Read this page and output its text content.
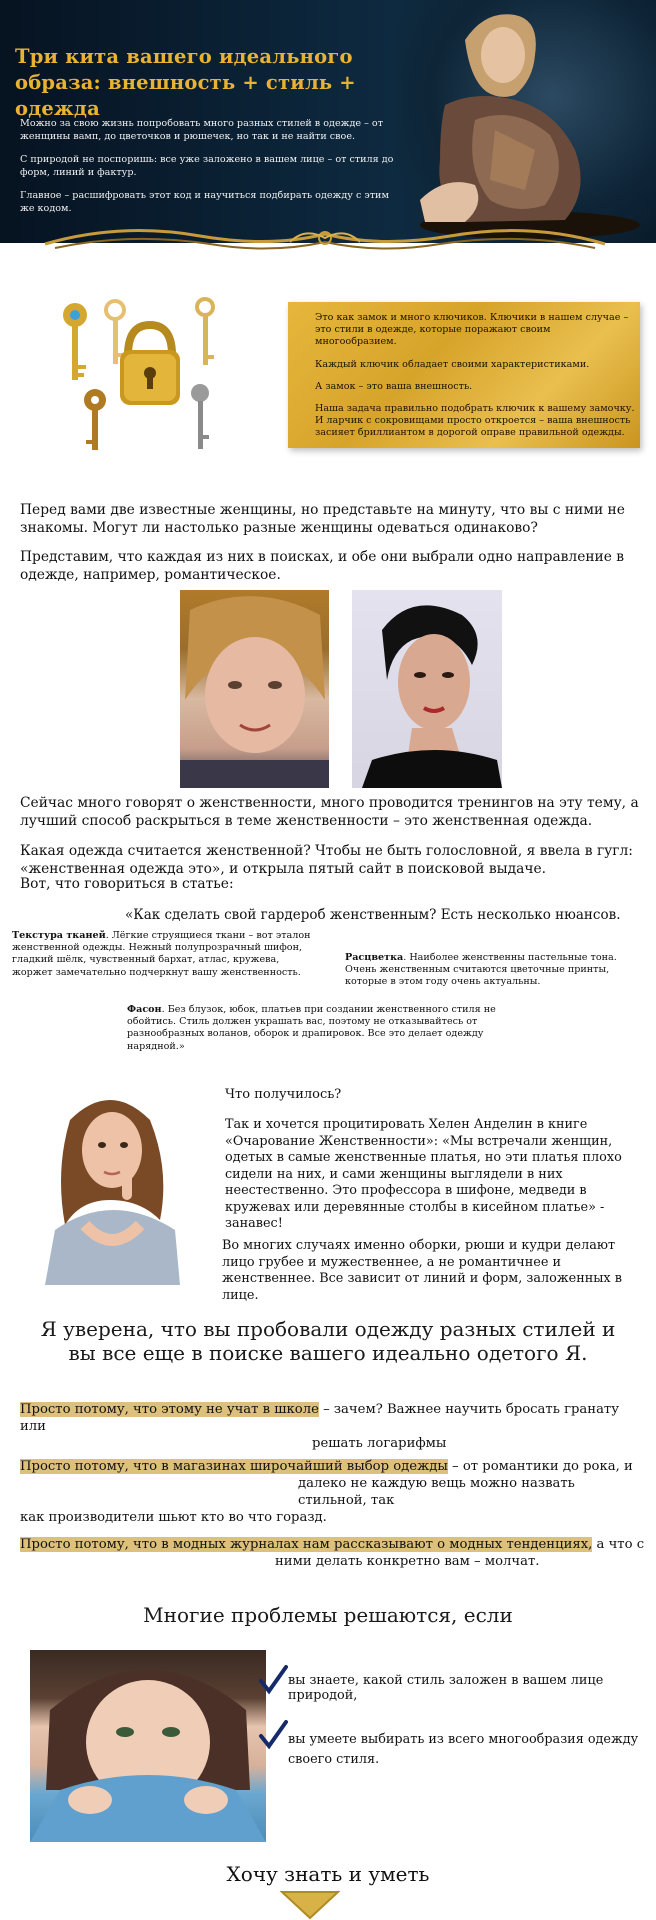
Три кита вашего идеального образа: внешность + стиль + одежда
Можно за свою жизнь попробовать много разных стилей в одежде – от женщины вамп, до цветочков и рюшечек, но так и не найти свое.
С природой не поспоришь: все уже заложено в вашем лице – от стиля до форм, линий и фактур.
Главное – расшифровать этот код и научиться подбирать одежду с этим же кодом.
Это как замок и много ключиков. Ключики в нашем случае – это стили в одежде, которые поражают своим многообразием.
Каждый ключик обладает своими характеристиками.
А замок – это ваша внешность.
Наша задача правильно подобрать ключик к вашему замочку. И ларчик с сокровищами просто откроется – ваша внешность засияет бриллиантом в дорогой оправе правильной одежды.
Перед вами две известные женщины, но представьте на минуту, что вы с ними не знакомы. Могут ли настолько разные женщины одеваться одинаково?
Представим, что каждая из них в поисках, и обе они выбрали одно направление в одежде, например, романтическое.
Сейчас много говорят о женственности, много проводится тренингов на эту тему, а лучший способ раскрыться в теме женственности – это женственная одежда.
Какая одежда считается женственной? Чтобы не быть голословной, я ввела в гугл: «женственная одежда это», и открыла пятый сайт в поисковой выдаче.
Вот, что говориться в статье:
«Как сделать свой гардероб женственным? Есть несколько нюансов.
Текстура тканей. Лёгкие струящиеся ткани – вот эталон женственной одежды. Нежный полупрозрачный шифон, гладкий шёлк, чувственный бархат, атлас, кружева, жоржет замечательно подчеркнут вашу женственность.
Расцветка. Наиболее женственны пастельные тона. Очень женственным считаются цветочные принты, которые в этом году очень актуальны.
Фасон. Без блузок, юбок, платьев при создании женственного стиля не обойтись. Стиль должен украшать вас, поэтому не отказывайтесь от разнообразных воланов, оборок и драпировок. Все это делает одежду нарядной.»
Что получилось?
Так и хочется процитировать Хелен Анделин в книге «Очарование Женственности»: «Мы встречали женщин, одетых в самые женственные платья, но эти платья плохо сидели на них, и сами женщины выглядели в них неестественно. Это профессора в шифоне, медведи в кружевах или деревянные столбы в кисейном платье» - занавес!
Во многих случаях именно оборки, рюши и кудри делают лицо грубее и мужественнее, а не романтичнее и женственнее. Все зависит от линий и форм, заложенных в лице.
Я уверена, что вы пробовали одежду разных стилей и
вы все еще в поиске вашего идеально одетого Я.
Просто потому, что этому не учат в школе – зачем? Важнее научить бросать гранату или
решать логарифмы
Просто потому, что в магазинах широчайший выбор одежды – от романтики до рока, и
далеко не каждую вещь можно назвать стильной, так
как производители шьют кто во что горазд.
Просто потому, что в модных журналах нам рассказывают о модных тенденциях, а что с
ними делать конкретно вам – молчат.
Многие проблемы решаются, если
вы знаете, какой стиль заложен в вашем лице природой,
вы умеете выбирать из всего многообразия одежду
своего стиля.
Хочу знать и уметь
